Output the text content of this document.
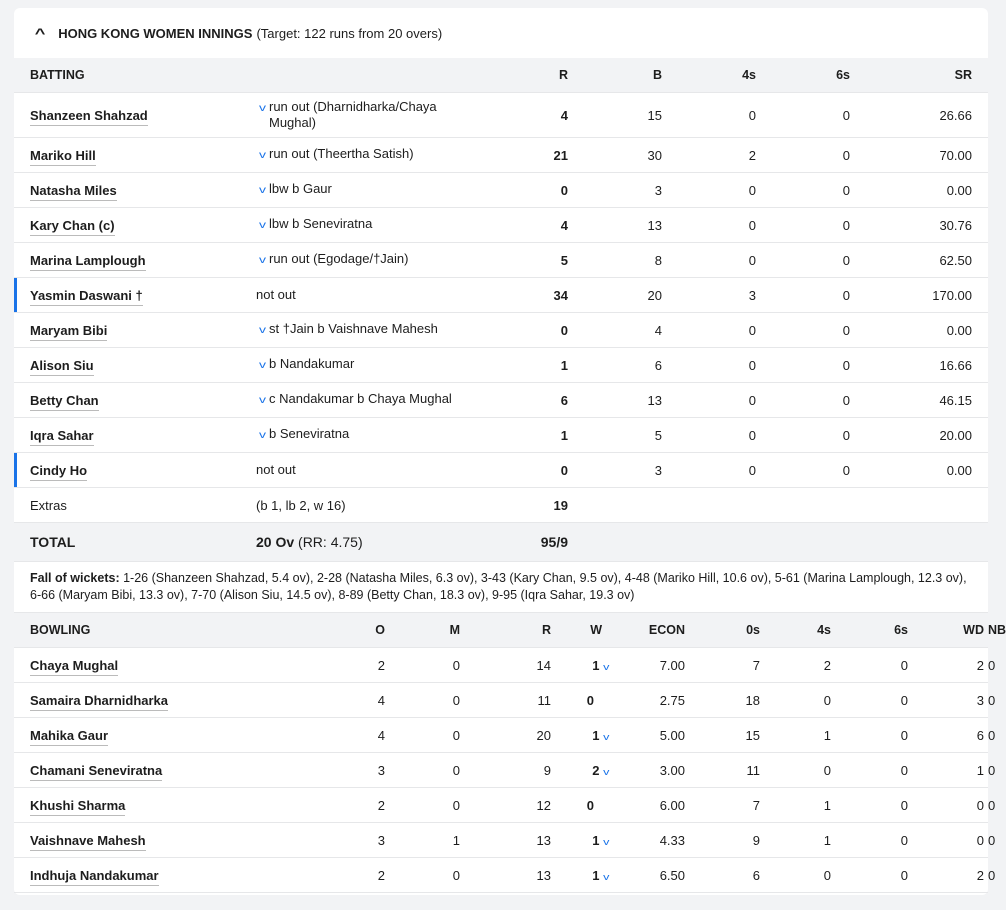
^ HONG KONG WOMEN INNINGS (Target: 122 runs from 20 overs)
BATTING		R	B	4s	6s	SR
Shanzeen Shahzad	v run out (Dharnidharka/Chaya Mughal)	4	15	0	0	26.66
Mariko Hill	v run out (Theertha Satish)	21	30	2	0	70.00
Natasha Miles	v lbw b Gaur	0	3	0	0	0.00
Kary Chan (c)	v lbw b Seneviratna	4	13	0	0	30.76
Marina Lamplough	v run out (Egodage/†Jain)	5	8	0	0	62.50
Yasmin Daswani †	not out	34	20	3	0	170.00
Maryam Bibi	v st †Jain b Vaishnave Mahesh	0	4	0	0	0.00
Alison Siu	v b Nandakumar	1	6	0	0	16.66
Betty Chan	v c Nandakumar b Chaya Mughal	6	13	0	0	46.15
Iqra Sahar	v b Seneviratna	1	5	0	0	20.00
Cindy Ho	not out	0	3	0	0	0.00
Extras	(b 1, lb 2, w 16)	19				
TOTAL	20 Ov (RR: 4.75)	95/9				
Fall of wickets: 1-26 (Shanzeen Shahzad, 5.4 ov), 2-28 (Natasha Miles, 6.3 ov), 3-43 (Kary Chan, 9.5 ov), 4-48 (Mariko Hill, 10.6 ov), 5-61 (Marina Lamplough, 12.3 ov), 6-66 (Maryam Bibi, 13.3 ov), 7-70 (Alison Siu, 14.5 ov), 8-89 (Betty Chan, 18.3 ov), 9-95 (Iqra Sahar, 19.3 ov)
BOWLING	O	M	R	W	ECON	0s	4s	6s	WD	NB
Chaya Mughal	2	0	14	1 v	7.00	7	2	0	2	0
Samaira Dharnidharka	4	0	11	0	2.75	18	0	0	3	0
Mahika Gaur	4	0	20	1 v	5.00	15	1	0	6	0
Chamani Seneviratna	3	0	9	2 v	3.00	11	0	0	1	0
Khushi Sharma	2	0	12	0	6.00	7	1	0	0	0
Vaishnave Mahesh	3	1	13	1 v	4.33	9	1	0	0	0
Indhuja Nandakumar	2	0	13	1 v	6.50	6	0	0	2	0
